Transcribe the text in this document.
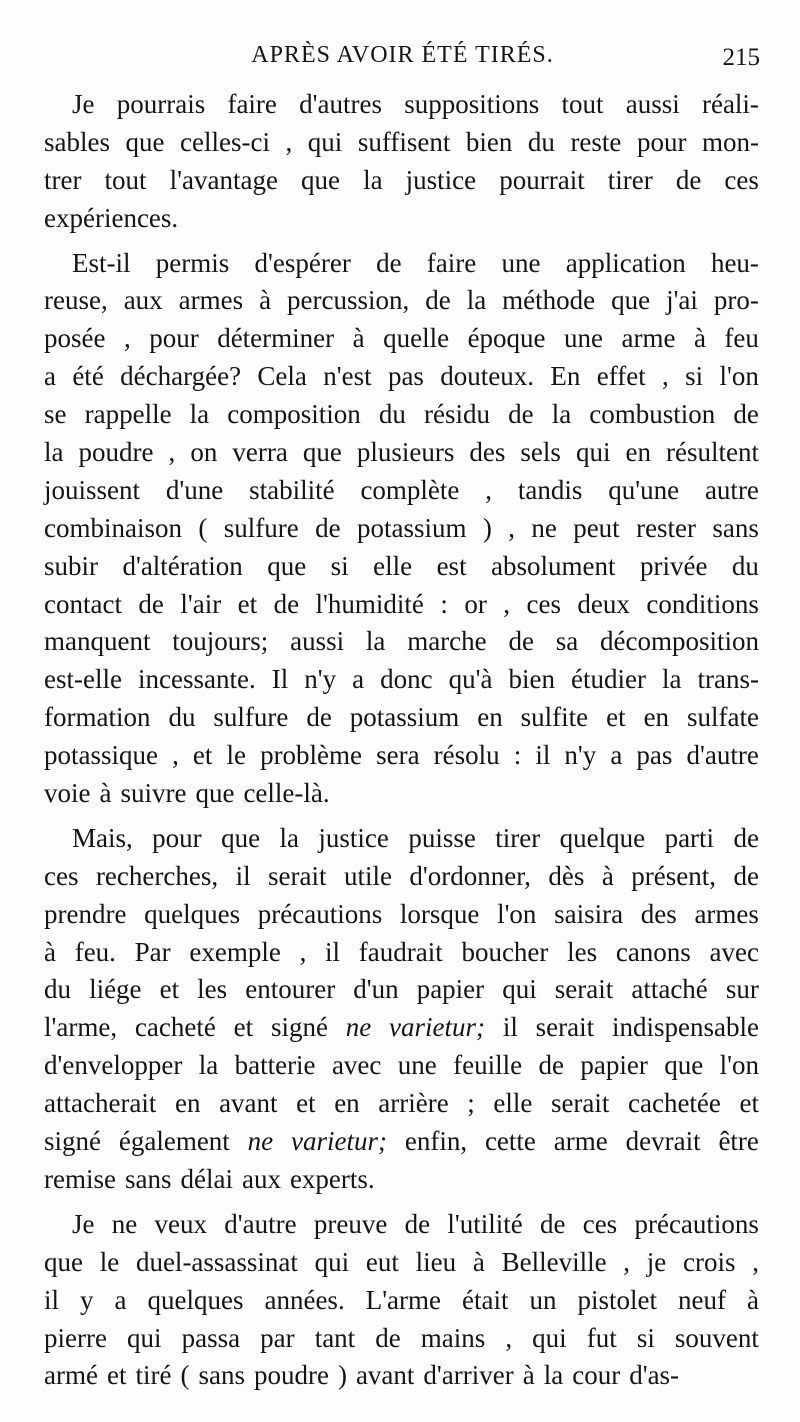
APRÈS AVOIR ÉTÉ TIRÉS.	215
Je pourrais faire d'autres suppositions tout aussi réali-
sables que celles-ci , qui suffisent bien du reste pour mon-
trer tout l'avantage que la justice pourrait tirer de ces
expériences.
Est-il permis d'espérer de faire une application heu-
reuse, aux armes à percussion, de la méthode que j'ai pro-
posée , pour déterminer à quelle époque une arme à feu
a été déchargée? Cela n'est pas douteux. En effet , si l'on
se rappelle la composition du résidu de la combustion de
la poudre , on verra que plusieurs des sels qui en résultent
jouissent d'une stabilité complète , tandis qu'une autre
combinaison ( sulfure de potassium ) , ne peut rester sans
subir d'altération que si elle est absolument privée du
contact de l'air et de l'humidité : or , ces deux conditions
manquent toujours; aussi la marche de sa décomposition
est-elle incessante. Il n'y a donc qu'à bien étudier la trans-
formation du sulfure de potassium en sulfite et en sulfate
potassique , et le problème sera résolu : il n'y a pas d'autre
voie à suivre que celle-là.
Mais, pour que la justice puisse tirer quelque parti de
ces recherches, il serait utile d'ordonner, dès à présent, de
prendre quelques précautions lorsque l'on saisira des armes
à feu. Par exemple , il faudrait boucher les canons avec
du liége et les entourer d'un papier qui serait attaché sur
l'arme, cacheté et signé ne varietur; il serait indispensable
d'envelopper la batterie avec une feuille de papier que l'on
attacherait en avant et en arrière ; elle serait cachetée et
signé également ne varietur; enfin, cette arme devrait être
remise sans délai aux experts.
Je ne veux d'autre preuve de l'utilité de ces précautions
que le duel-assassinat qui eut lieu à Belleville , je crois ,
il y a quelques années. L'arme était un pistolet neuf à
pierre qui passa par tant de mains , qui fut si souvent
armé et tiré ( sans poudre ) avant d'arriver à la cour d'as-
